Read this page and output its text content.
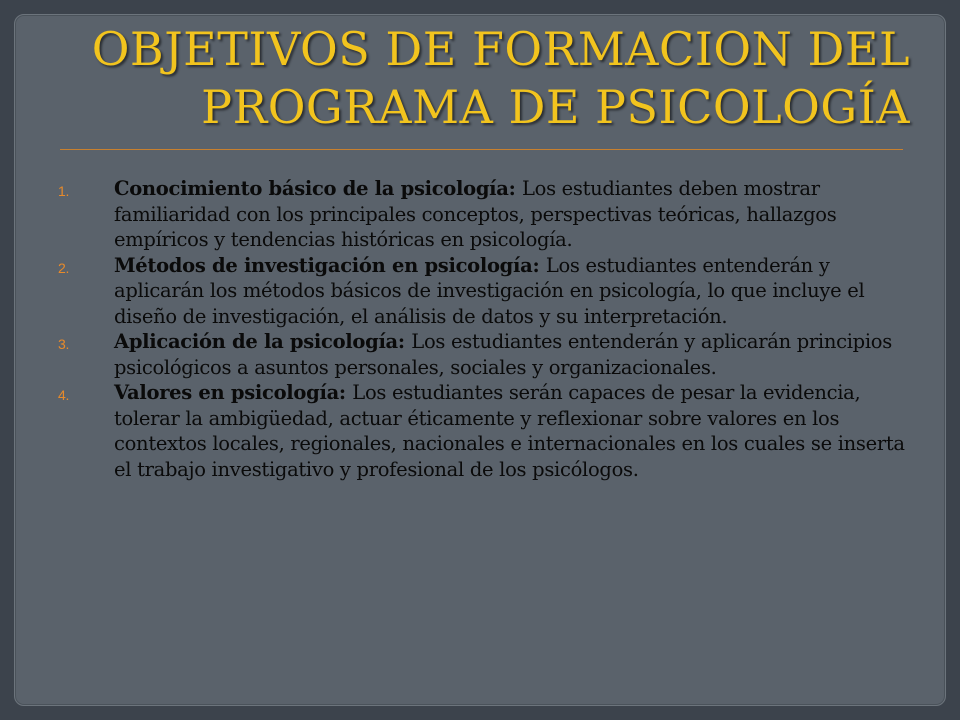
OBJETIVOS DE FORMACION DEL
PROGRAMA DE PSICOLOGÍA
1. Conocimiento básico de la psicología: Los estudiantes deben mostrar familiaridad con los principales conceptos, perspectivas teóricas, hallazgos empíricos y tendencias históricas en psicología.
2. Métodos de investigación en psicología: Los estudiantes entenderán y aplicarán los métodos básicos de investigación en psicología, lo que incluye el diseño de investigación, el análisis de datos y su interpretación.
3. Aplicación de la psicología: Los estudiantes entenderán y aplicarán principios psicológicos a asuntos personales, sociales y organizacionales.
4. Valores en psicología: Los estudiantes serán capaces de pesar la evidencia, tolerar la ambigüedad, actuar éticamente y reflexionar sobre valores en los contextos locales, regionales, nacionales e internacionales en los cuales se inserta el trabajo investigativo y profesional de los psicólogos.
